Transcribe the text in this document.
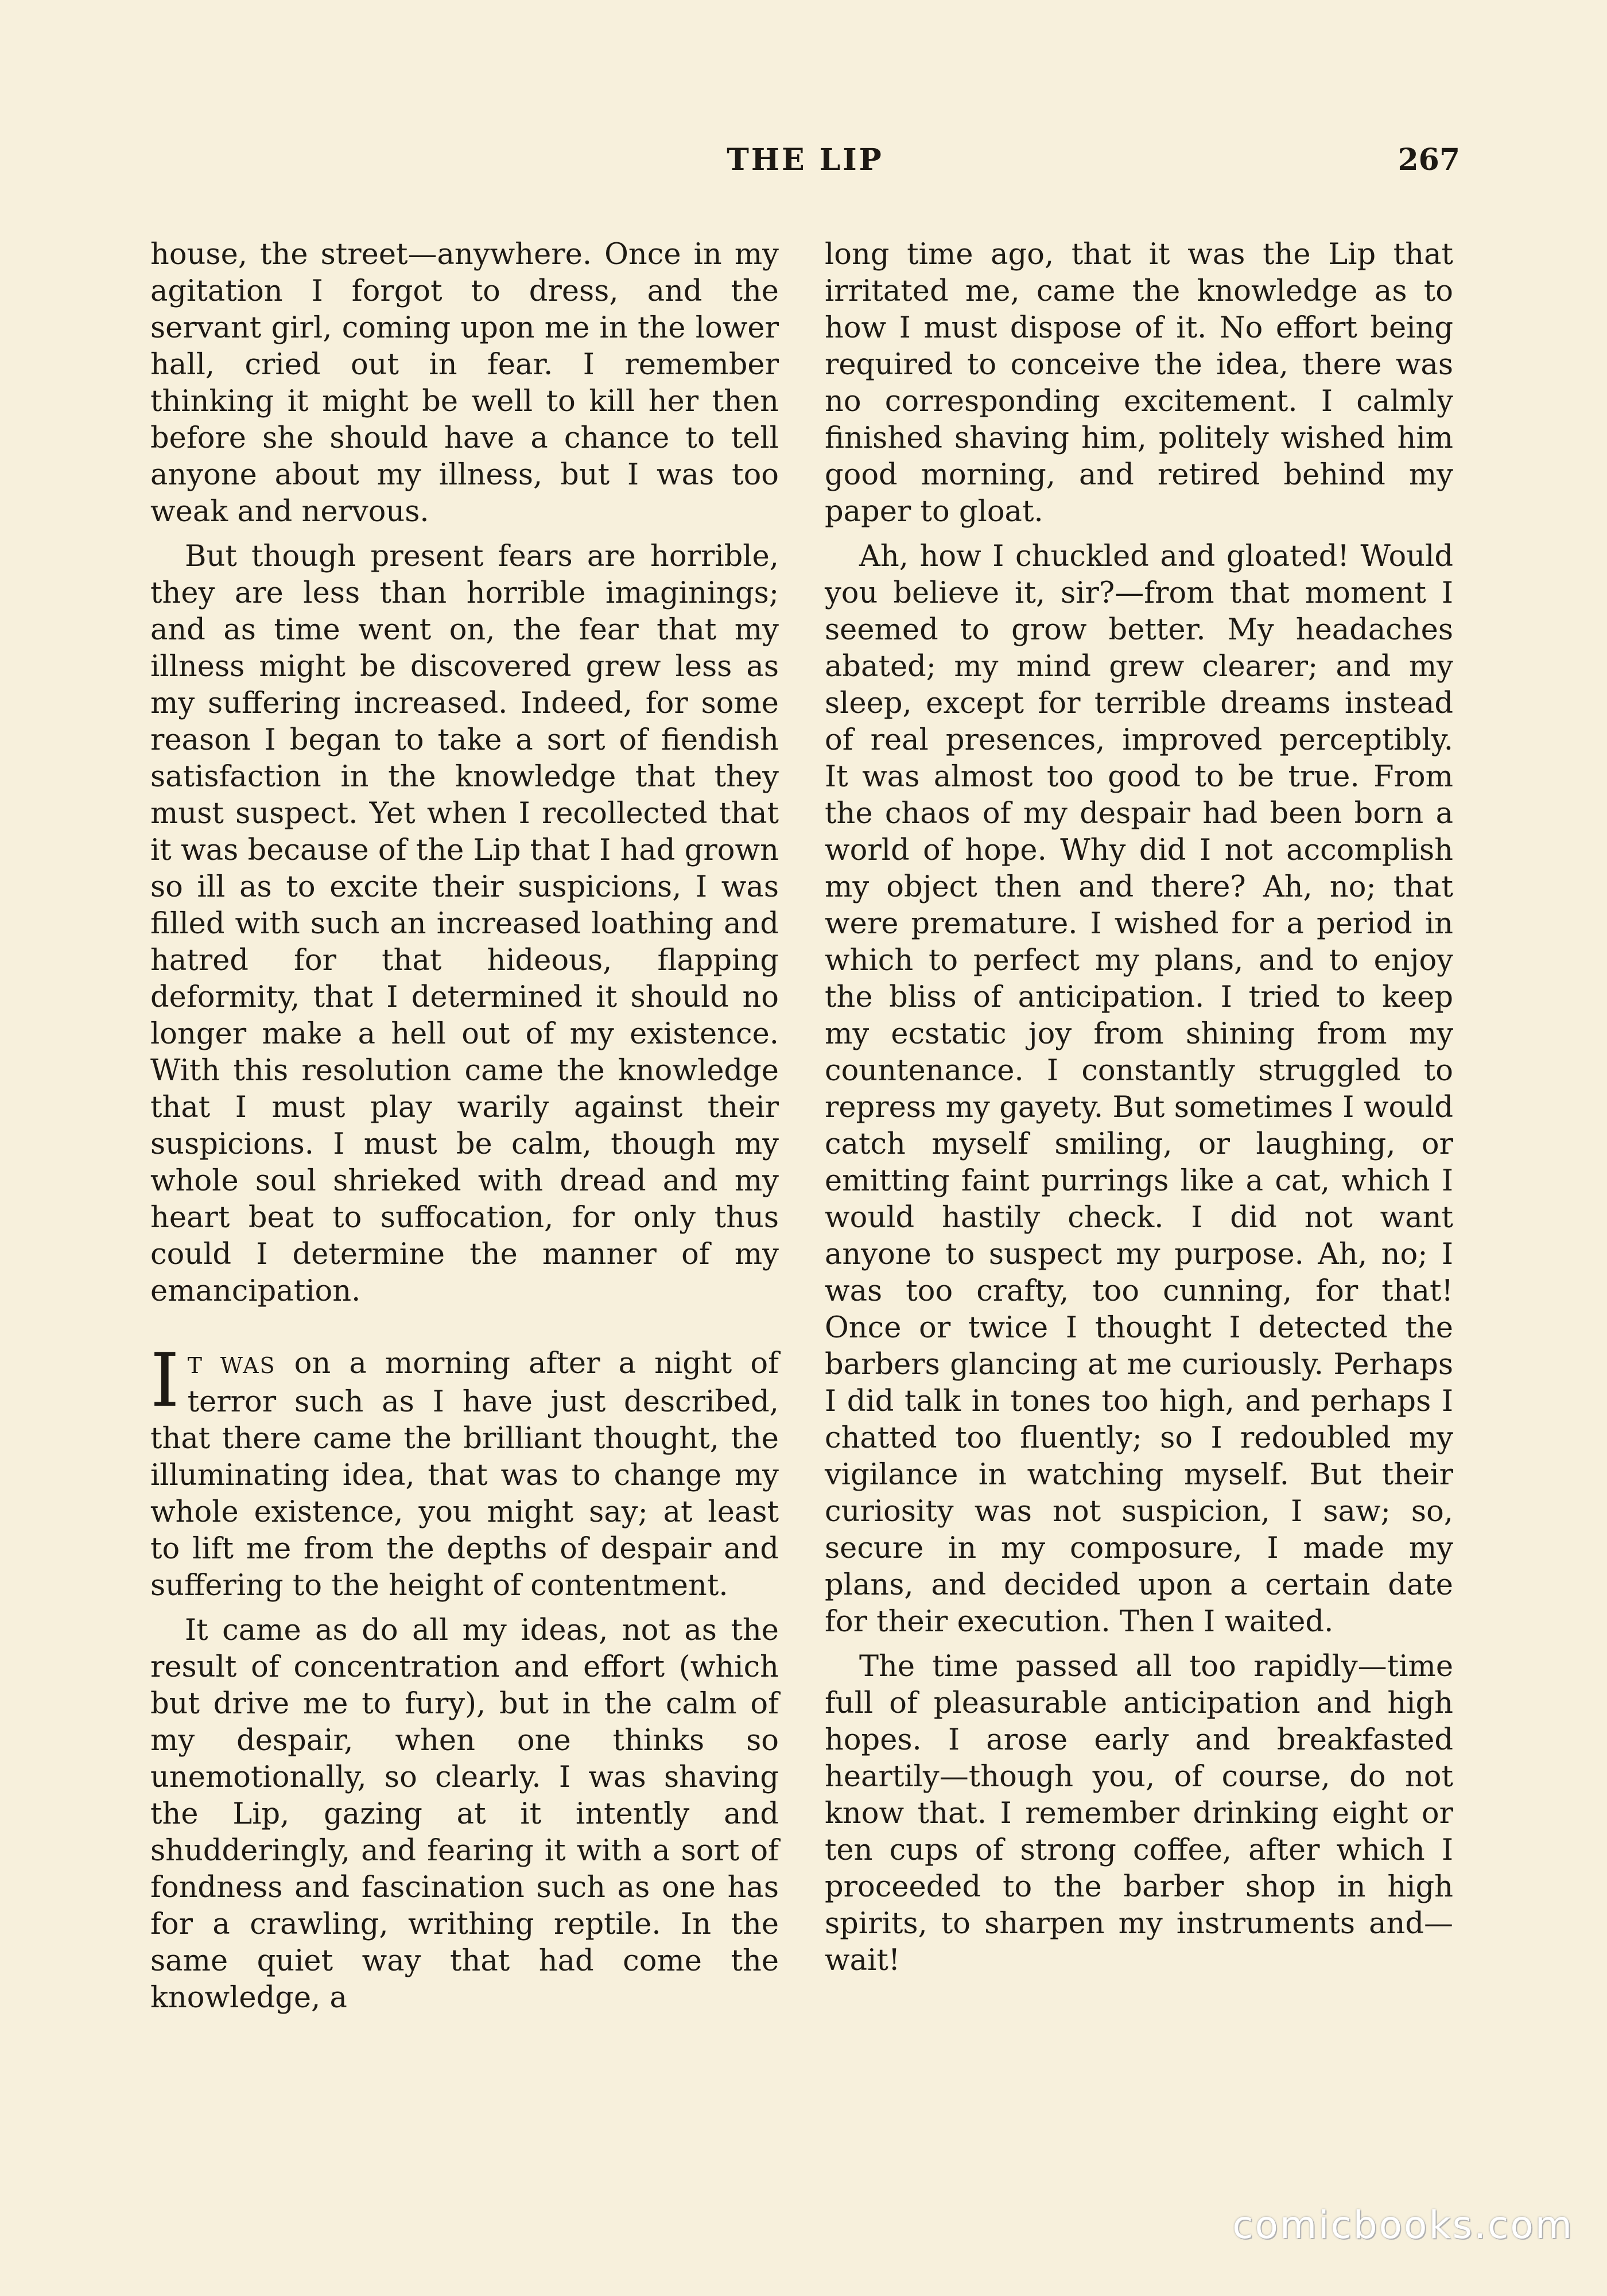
THE LIP	267

house, the street—anywhere. Once in my agitation I forgot to dress, and the servant girl, coming upon me in the lower hall, cried out in fear. I remember thinking it might be well to kill her then before she should have a chance to tell anyone about my illness, but I was too weak and nervous.

But though present fears are horrible, they are less than horrible imaginings; and as time went on, the fear that my illness might be discovered grew less as my suffering increased. Indeed, for some reason I began to take a sort of fiendish satisfaction in the knowledge that they must suspect. Yet when I recollected that it was because of the Lip that I had grown so ill as to excite their suspicions, I was filled with such an increased loathing and hatred for that hideous, flapping deformity, that I determined it should no longer make a hell out of my existence. With this resolution came the knowledge that I must play warily against their suspicions. I must be calm, though my whole soul shrieked with dread and my heart beat to suffocation, for only thus could I determine the manner of my emancipation.

I T WAS on a morning after a night of terror such as I have just described, that there came the brilliant thought, the illuminating idea, that was to change my whole existence, you might say; at least to lift me from the depths of despair and suffering to the height of contentment.

It came as do all my ideas, not as the result of concentration and effort (which but drive me to fury), but in the calm of my despair, when one thinks so unemotionally, so clearly. I was shaving the Lip, gazing at it intently and shudderingly, and fearing it with a sort of fondness and fascination such as one has for a crawling, writhing reptile. In the same quiet way that had come the knowledge, a

long time ago, that it was the Lip that irritated me, came the knowledge as to how I must dispose of it. No effort being required to conceive the idea, there was no corresponding excitement. I calmly finished shaving him, politely wished him good morning, and retired behind my paper to gloat.

Ah, how I chuckled and gloated! Would you believe it, sir?—from that moment I seemed to grow better. My headaches abated; my mind grew clearer; and my sleep, except for terrible dreams instead of real presences, improved perceptibly. It was almost too good to be true. From the chaos of my despair had been born a world of hope. Why did I not accomplish my object then and there? Ah, no; that were premature. I wished for a period in which to perfect my plans, and to enjoy the bliss of anticipation. I tried to keep my ecstatic joy from shining from my countenance. I constantly struggled to repress my gayety. But sometimes I would catch myself smiling, or laughing, or emitting faint purrings like a cat, which I would hastily check. I did not want anyone to suspect my purpose. Ah, no; I was too crafty, too cunning, for that! Once or twice I thought I detected the barbers glancing at me curiously. Perhaps I did talk in tones too high, and perhaps I chatted too fluently; so I redoubled my vigilance in watching myself. But their curiosity was not suspicion, I saw; so, secure in my composure, I made my plans, and decided upon a certain date for their execution. Then I waited.

The time passed all too rapidly—time full of pleasurable anticipation and high hopes. I arose early and breakfasted heartily—though you, of course, do not know that. I remember drinking eight or ten cups of strong coffee, after which I proceeded to the barber shop in high spirits, to sharpen my instruments and—wait!

comicbooks.com
